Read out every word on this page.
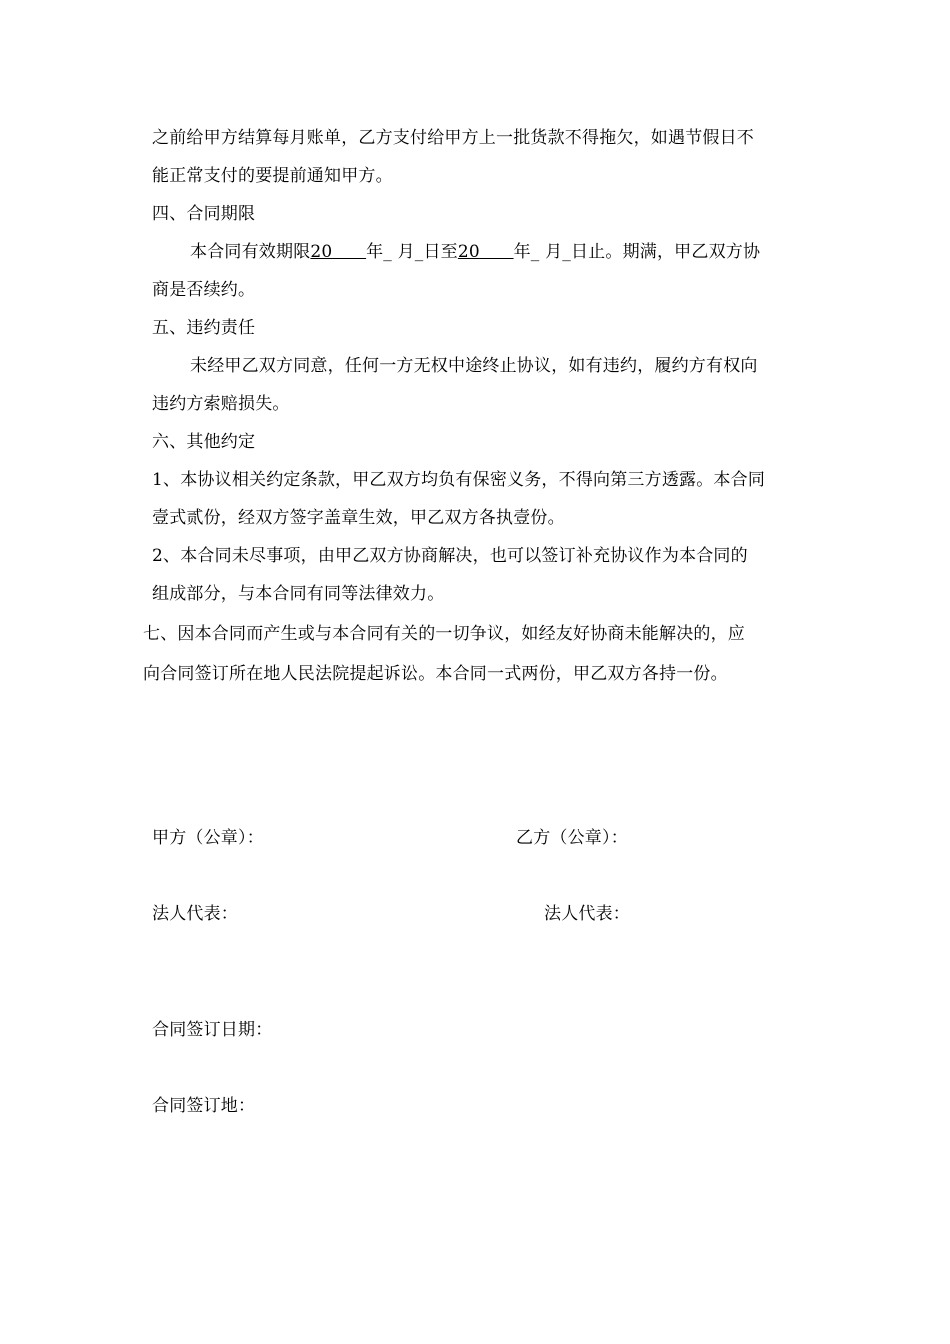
之前给甲方结算每月账单，乙方支付给甲方上一批货款不得拖欠，如遇节假日不
能正常支付的要提前通知甲方。
四、合同期限
本合同有效期限20 年_ 月_日至20 年_ 月_日止。期满，甲乙双方协
商是否续约。
五、违约责任
未经甲乙双方同意，任何一方无权中途终止协议，如有违约，履约方有权向
违约方索赔损失。
六、其他约定
1、本协议相关约定条款，甲乙双方均负有保密义务，不得向第三方透露。本合同
壹式贰份，经双方签字盖章生效，甲乙双方各执壹份。
2、本合同未尽事项，由甲乙双方协商解决，也可以签订补充协议作为本合同的
组成部分，与本合同有同等法律效力。
七、因本合同而产生或与本合同有关的一切争议，如经友好协商未能解决的，应
向合同签订所在地人民法院提起诉讼。本合同一式两份，甲乙双方各持一份。
甲方（公章）：	乙方（公章）：
法人代表：	法人代表：
合同签订日期：
合同签订地：
